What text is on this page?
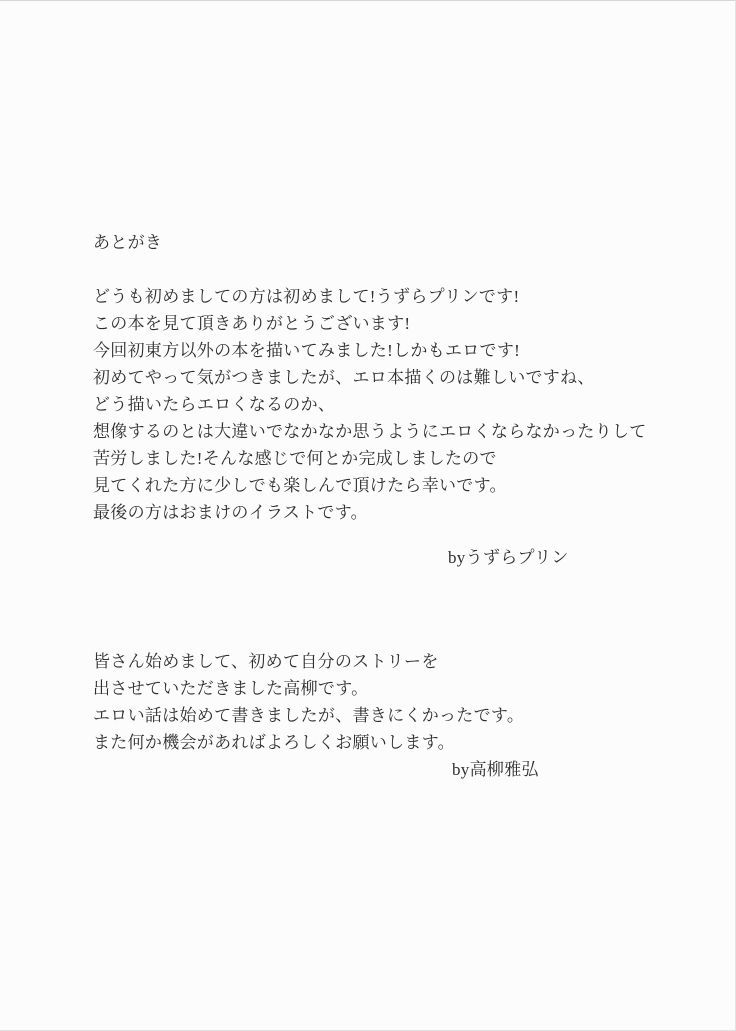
あとがき
どうも初めましての方は初めまして!うずらプリンです!
この本を見て頂きありがとうございます!
今回初東方以外の本を描いてみました!しかもエロです!
初めてやって気がつきましたが、エロ本描くのは難しいですね、
どう描いたらエロくなるのか、
想像するのとは大違いでなかなか思うようにエロくならなかったりして
苦労しました!そんな感じで何とか完成しましたので
見てくれた方に少しでも楽しんで頂けたら幸いです。
最後の方はおまけのイラストです。
byうずらプリン
皆さん始めまして、初めて自分のストリーを
出させていただきました高柳です。
エロい話は始めて書きましたが、書きにくかったです。
また何か機会があればよろしくお願いします。
by高柳雅弘
